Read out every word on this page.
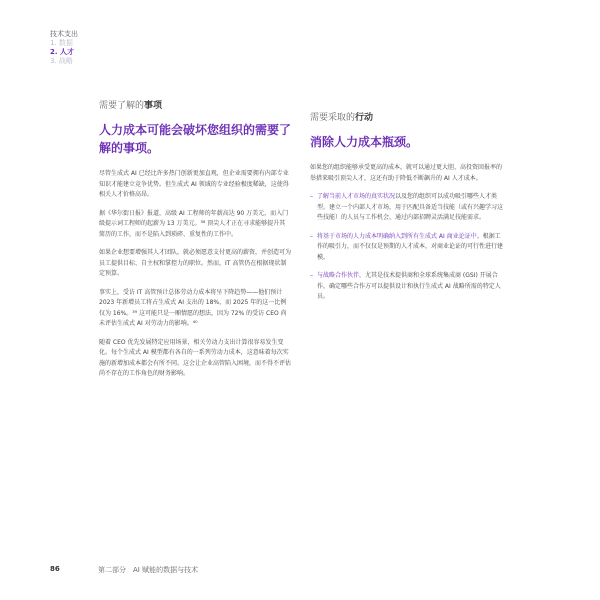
技术支出
1. 数据
2. 人才
3. 战略
需要了解的事项
人力成本可能会破坏您组织的需要了解的事项。

尽管生成式 AI 已经比许多热门创新更加直观，但企业需要拥有内部专业知识才能建立竞争优势。但生成式 AI 领域的专业经验极度稀缺，这使得相关人才价格高昂。

据《华尔街日报》报道，高级 AI 工程师的年薪高达 90 万美元，而入门级提示词工程师的起薪为 13 万美元。³⁸ 顶尖人才正在寻求能够提升其简历的工作，而不是陷入到琐碎、重复性的工作中。

如果企业想要增强其人才团队，就必须愿意支付更高的薪资，并创造可为员工提供目标、自主权和掌控力的职位。然而，IT 高管仍在根据现状制定预算。

事实上，受访 IT 高管预计总体劳动力成本将呈下降趋势——他们预计 2023 年新增员工将占生成式 AI 支出的 18%，而 2025 年的这一比例仅为 16%。³⁹ 这可能只是一厢情愿的想法，因为 72% 的受访 CEO 尚未评估生成式 AI 对劳动力的影响。⁴⁰

随着 CEO 优先发展特定应用场景，相关劳动力支出计算很容易发生变化。每个生成式 AI 模型都有各自的一系列劳动力成本，这意味着每次实施的新增加成本都会有所不同。这会让企业高管陷入困境，而不得不评估尚不存在的工作角色的财务影响。

需要采取的行动
消除人力成本瓶颈。

如果您的组织能够承受更高的成本，就可以通过更大胆、高投资回报率的举措来吸引顶尖人才，这还有助于降低不断飙升的 AI 人才成本。

– 了解当前人才市场的真实状况以及您的组织可以成功吸引哪些人才类型。建立一个内部人才市场，用于匹配具备适当技能（或有兴趣学习这些技能）的人员与工作机会，通过内部招聘灵活满足技能需求。
– 将基于市场的人力成本明确纳入到所有生成式 AI 商业论证中。根据工作的吸引力，而不仅仅是预期的人才成本，对商业论证的可行性进行建模。
– 与战略合作伙伴，尤其是技术提供商和全球系统集成商 (GSI) 开展合作，确定哪些合作方可以提供设计和执行生成式 AI 战略所需的特定人员。
86	第二部分　AI 赋能的数据与技术
